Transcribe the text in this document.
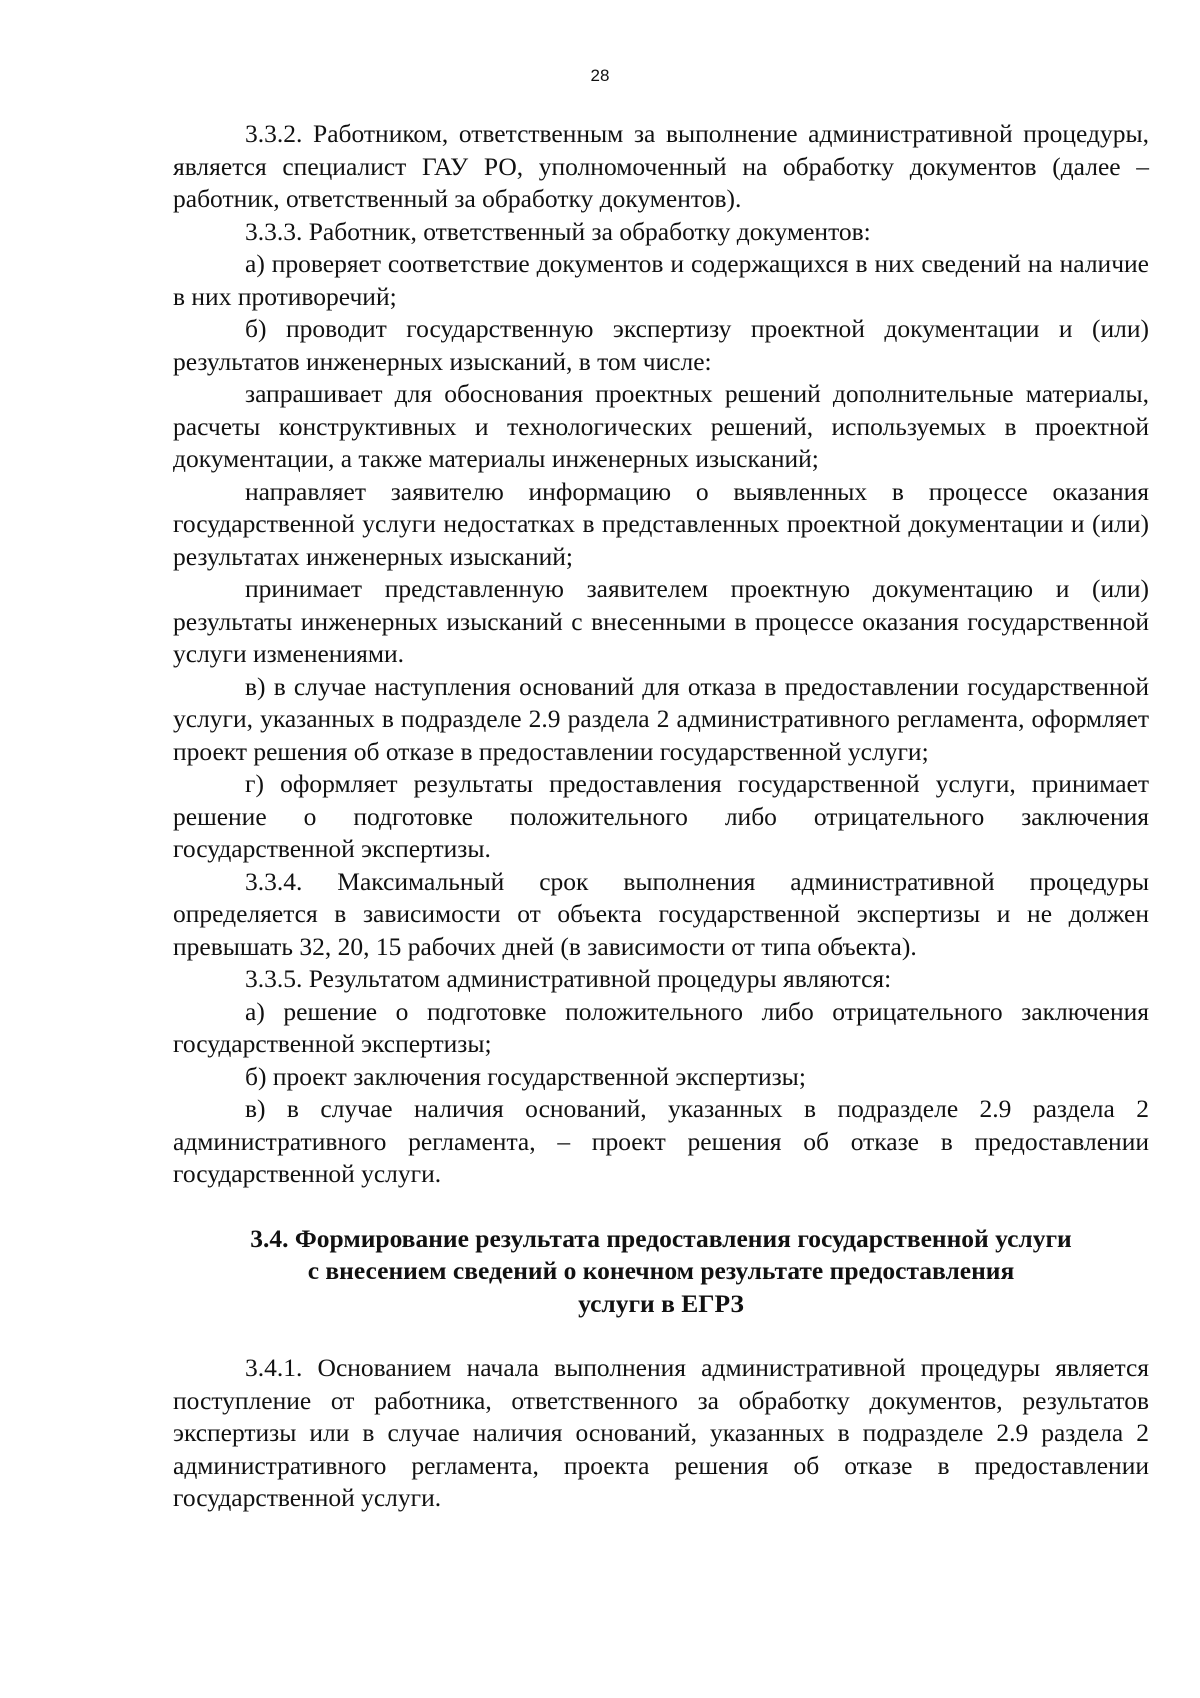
28

3.3.2. Работником, ответственным за выполнение административной процедуры, является специалист ГАУ РО, уполномоченный на обработку документов (далее – работник, ответственный за обработку документов).

3.3.3. Работник, ответственный за обработку документов:

а) проверяет соответствие документов и содержащихся в них сведений на наличие в них противоречий;

б) проводит государственную экспертизу проектной документации и (или) результатов инженерных изысканий, в том числе:

запрашивает для обоснования проектных решений дополнительные материалы, расчеты конструктивных и технологических решений, используемых в проектной документации, а также материалы инженерных изысканий;

направляет заявителю информацию о выявленных в процессе оказания государственной услуги недостатках в представленных проектной документации и (или) результатах инженерных изысканий;

принимает представленную заявителем проектную документацию и (или) результаты инженерных изысканий с внесенными в процессе оказания государственной услуги изменениями.

в) в случае наступления оснований для отказа в предоставлении государственной услуги, указанных в подразделе 2.9 раздела 2 административного регламента, оформляет проект решения об отказе в предоставлении государственной услуги;

г) оформляет результаты предоставления государственной услуги, принимает решение о подготовке положительного либо отрицательного заключения государственной экспертизы.

3.3.4. Максимальный срок выполнения административной процедуры определяется в зависимости от объекта государственной экспертизы и не должен превышать 32, 20, 15 рабочих дней (в зависимости от типа объекта).

3.3.5. Результатом административной процедуры являются:

а) решение о подготовке положительного либо отрицательного заключения государственной экспертизы;

б) проект заключения государственной экспертизы;

в) в случае наличия оснований, указанных в подразделе 2.9 раздела 2 административного регламента, – проект решения об отказе в предоставлении государственной услуги.

3.4. Формирование результата предоставления государственной услуги
с внесением сведений о конечном результате предоставления
услуги в ЕГРЗ

3.4.1. Основанием начала выполнения административной процедуры является поступление от работника, ответственного за обработку документов, результатов экспертизы или в случае наличия оснований, указанных в подразделе 2.9 раздела 2 административного регламента, проекта решения об отказе в предоставлении государственной услуги.
